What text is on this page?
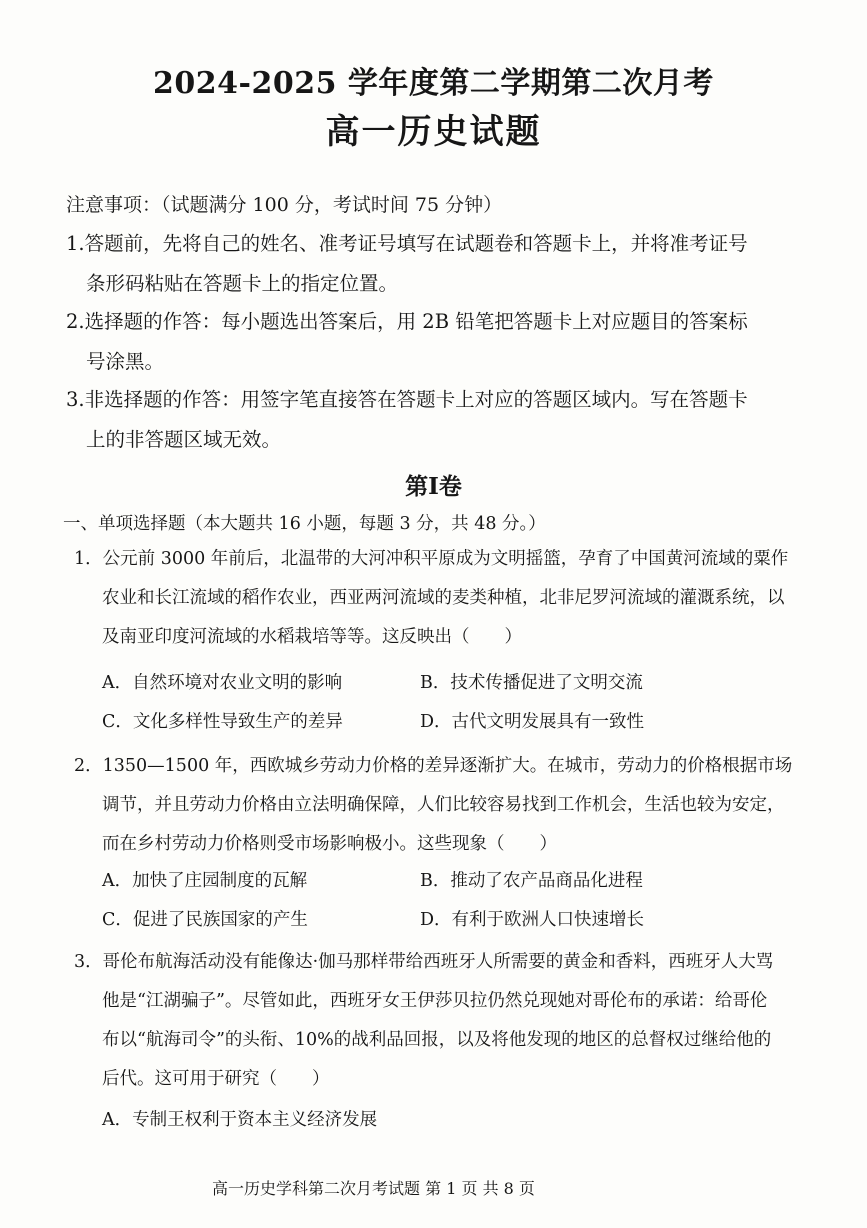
2024-2025 学年度第二学期第二次月考
高一历史试题
注意事项：（试题满分 100 分，考试时间 75 分钟）
1.答题前，先将自己的姓名、准考证号填写在试题卷和答题卡上，并将准考证号
条形码粘贴在答题卡上的指定位置。
2.选择题的作答：每小题选出答案后，用 2B 铅笔把答题卡上对应题目的答案标
号涂黑。
3.非选择题的作答：用签字笔直接答在答题卡上对应的答题区域内。写在答题卡
上的非答题区域无效。
第Ⅰ卷
一、单项选择题（本大题共 16 小题，每题 3 分，共 48 分。）
1．公元前 3000 年前后，北温带的大河冲积平原成为文明摇篮，孕育了中国黄河流域的粟作
农业和长江流域的稻作农业，西亚两河流域的麦类种植，北非尼罗河流域的灌溉系统，以
及南亚印度河流域的水稻栽培等等。这反映出（　　）
A．自然环境对农业文明的影响	B．技术传播促进了文明交流
C．文化多样性导致生产的差异	D．古代文明发展具有一致性
2．1350—1500 年，西欧城乡劳动力价格的差异逐渐扩大。在城市，劳动力的价格根据市场
调节，并且劳动力价格由立法明确保障，人们比较容易找到工作机会，生活也较为安定，
而在乡村劳动力价格则受市场影响极小。这些现象（　　）
A．加快了庄园制度的瓦解	B．推动了农产品商品化进程
C．促进了民族国家的产生	D．有利于欧洲人口快速增长
3．哥伦布航海活动没有能像达·伽马那样带给西班牙人所需要的黄金和香料，西班牙人大骂
他是“江湖骗子”。尽管如此，西班牙女王伊莎贝拉仍然兑现她对哥伦布的承诺：给哥伦
布以“航海司令”的头衔、10%的战利品回报，以及将他发现的地区的总督权过继给他的
后代。这可用于研究（　　）
A．专制王权利于资本主义经济发展
高一历史学科第二次月考试题 第 1 页 共 8 页
